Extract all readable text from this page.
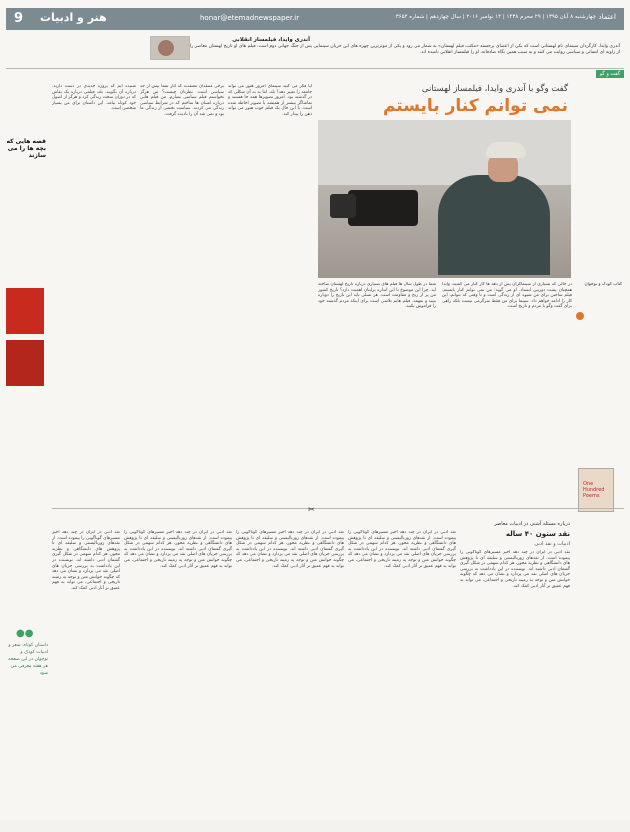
9 هنر و ادبیات	honar@etemadnewspaper.ir	چهارشنبه ۸ آبان ۱۳۹۵ | ۲۹ محرم ۱۴۳۸ | ۱۴ نوامبر ۲۰۱۶ | سال چهاردهم | شماره ۳۶۵۴ اعتماد
آندری وایدا، فیلمساز انقلابی
آندری وایدا، کارگردان سینمای نام لهستانی است که یکی از اعضای برجسته «مکتب فیلم لهستان» به شمار می رود و یکی از موثرترین چهره های این جریان سینمایی پس از جنگ جهانی دوم است. فیلم های او تاریخ لهستان معاصر را از زاویه ای انسانی و سیاسی روایت می کنند و به سبب همین نگاه صادقانه، او را فیلمساز انقلابی نامیده اند.
گفت و گو
گفت وگو با آندری وایدا، فیلمساز لهستانی
نمی توانم کنار بایستم
در حالی که بسیاری از سینماگران پس از دهه ها کار کنار می کشند، وایدا همچنان پشت دوربین ایستاد. او می گوید: من نمی توانم کنار بایستم. فیلم ساختن برای من شیوه ای از زندگی است و تا وقتی که بتوانم، این کار را ادامه خواهم داد. سینما برای من فقط سرگرمی نیست بلکه راهی برای گفت وگو با مردم و تاریخ است.
شما در طول سال ها فیلم های بسیاری درباره تاریخ لهستان ساخته اید. چرا این موضوع تا این اندازه برایتان اهمیت دارد؟ تاریخ کشور من پر از رنج و مقاومت است. هر نسلی باید این تاریخ را دوباره ببیند و بفهمد. فیلم هایم تلاشی است برای اینکه مردم گذشته خود را فراموش نکنند.
آیا فکر می کنید سینمای امروز هنوز می تواند جامعه را تغییر دهد؟ بله، اما نه به آن شکلی که در گذشته بود. امروز تصویرها همه جا هستند و تماشاگر بیشتر از همیشه با تصویر احاطه شده است. با این حال یک فیلم خوب هنوز می تواند ذهن را بیدار کند.
برخی منتقدان معتقدند که آثار شما بیش از حد سیاسی است. نظرتان چیست؟ من هرگز نخواستم فیلم سیاسی بسازم. من فیلم هایی درباره انسان ها ساختم که در شرایط سیاسی زندگی می کردند. سیاست بخشی از زندگی ما بود و نمی شد آن را نادیده گرفت.
شنیده ایم که پروژه جدیدی در دست دارید. درباره آن بگویید. بله، فیلمی درباره یک نقاش که در دوران سخت زندگی کرد و هرگز از اصول خود کوتاه نیامد. این داستان برای من بسیار شخصی است.
قصه هایی که بچه ها را می سازند
کتاب کودک و نوجوان
One Hundred Poems
✂
درباره مسئله آشتی در ادبیات معاصر
نقد ستون ۴۰ ساله
ادبیات و نقد ادبی
نقد ادبی در ایران در چند دهه اخیر مسیرهای گوناگونی را پیموده است. از نقدهای ژورنالیستی و سلیقه ای تا پژوهش های دانشگاهی و نظریه محور، هر کدام سهمی در شکل گیری گفتمان ادبی داشته اند. نویسنده در این یادداشت به بررسی جریان های اصلی نقد می پردازد و نشان می دهد که چگونه خوانش متن و توجه به زمینه تاریخی و اجتماعی، می تواند به فهم عمیق تر آثار ادبی کمک کند.
نقد ادبی در ایران در چند دهه اخیر مسیرهای گوناگونی را پیموده است. از نقدهای ژورنالیستی و سلیقه ای تا پژوهش های دانشگاهی و نظریه محور، هر کدام سهمی در شکل گیری گفتمان ادبی داشته اند. نویسنده در این یادداشت به بررسی جریان های اصلی نقد می پردازد و نشان می دهد که چگونه خوانش متن و توجه به زمینه تاریخی و اجتماعی، می تواند به فهم عمیق تر آثار ادبی کمک کند.
نقد ادبی در ایران در چند دهه اخیر مسیرهای گوناگونی را پیموده است. از نقدهای ژورنالیستی و سلیقه ای تا پژوهش های دانشگاهی و نظریه محور، هر کدام سهمی در شکل گیری گفتمان ادبی داشته اند. نویسنده در این یادداشت به بررسی جریان های اصلی نقد می پردازد و نشان می دهد که چگونه خوانش متن و توجه به زمینه تاریخی و اجتماعی، می تواند به فهم عمیق تر آثار ادبی کمک کند.
نقد ادبی در ایران در چند دهه اخیر مسیرهای گوناگونی را پیموده است. از نقدهای ژورنالیستی و سلیقه ای تا پژوهش های دانشگاهی و نظریه محور، هر کدام سهمی در شکل گیری گفتمان ادبی داشته اند. نویسنده در این یادداشت به بررسی جریان های اصلی نقد می پردازد و نشان می دهد که چگونه خوانش متن و توجه به زمینه تاریخی و اجتماعی، می تواند به فهم عمیق تر آثار ادبی کمک کند.
نقد ادبی در ایران در چند دهه اخیر مسیرهای گوناگونی را پیموده است. از نقدهای ژورنالیستی و سلیقه ای تا پژوهش های دانشگاهی و نظریه محور، هر کدام سهمی در شکل گیری گفتمان ادبی داشته اند. نویسنده در این یادداشت به بررسی جریان های اصلی نقد می پردازد و نشان می دهد که چگونه خوانش متن و توجه به زمینه تاریخی و اجتماعی، می تواند به فهم عمیق تر آثار ادبی کمک کند.
●●
داستان کوتاه، شعر و ادبیات کودک و نوجوان در این صفحه هر هفته معرفی می شود
